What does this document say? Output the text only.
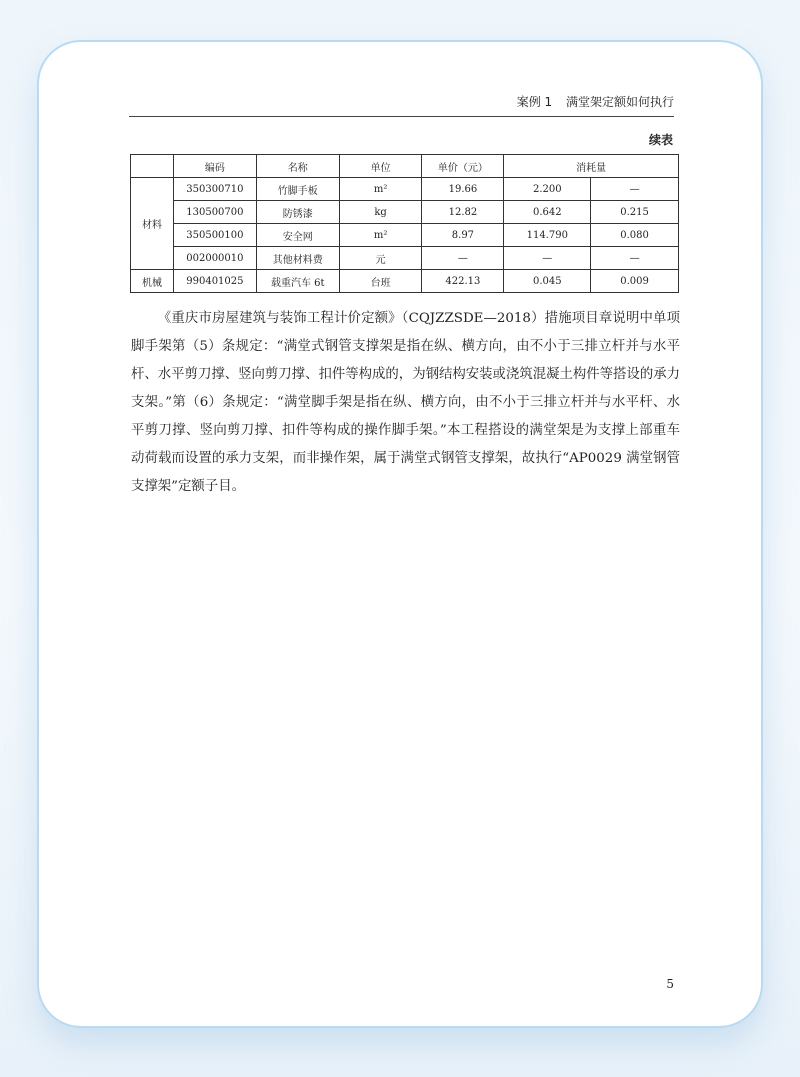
案例 1 满堂架定额如何执行
续表
	编码	名称	单位	单价（元）	消耗量	
材料	350300710	竹脚手板	m²	19.66	2.200	—
	130500700	防锈漆	kg	12.82	0.642	0.215
	350500100	安全网	m²	8.97	114.790	0.080
	002000010	其他材料费	元	—	—	—
机械	990401025	载重汽车 6t	台班	422.13	0.045	0.009

《重庆市房屋建筑与装饰工程计价定额》（CQJZZSDE—2018）措施项目章说明中单项脚手架第（5）条规定：“满堂式钢管支撑架是指在纵、横方向，由不小于三排立杆并与水平杆、水平剪刀撑、竖向剪刀撑、扣件等构成的，为钢结构安装或浇筑混凝土构件等搭设的承力支架。”第（6）条规定：“满堂脚手架是指在纵、横方向，由不小于三排立杆并与水平杆、水平剪刀撑、竖向剪刀撑、扣件等构成的操作脚手架。”本工程搭设的满堂架是为支撑上部重车动荷载而设置的承力支架，而非操作架，属于满堂式钢管支撑架，故执行“AP0029 满堂钢管支撑架”定额子目。

5
